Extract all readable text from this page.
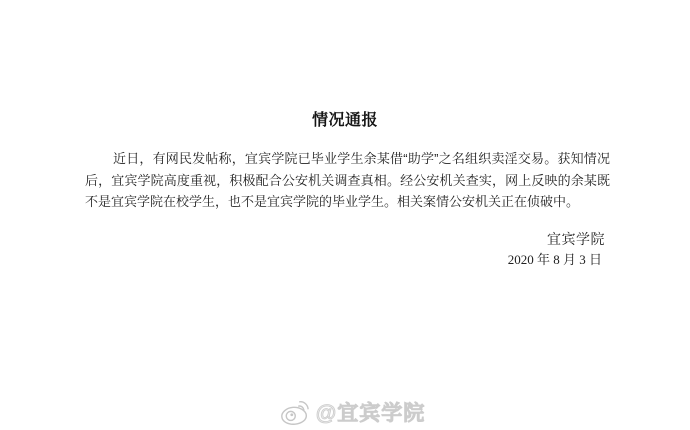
情况通报
近日，有网民发帖称，宜宾学院已毕业学生余某借“助学”之名组织卖淫交易。获知情况
后，宜宾学院高度重视，积极配合公安机关调查真相。经公安机关查实，网上反映的余某既
不是宜宾学院在校学生，也不是宜宾学院的毕业学生。相关案情公安机关正在侦破中。
宜宾学院
2020 年 8 月 3 日
@宜宾学院
